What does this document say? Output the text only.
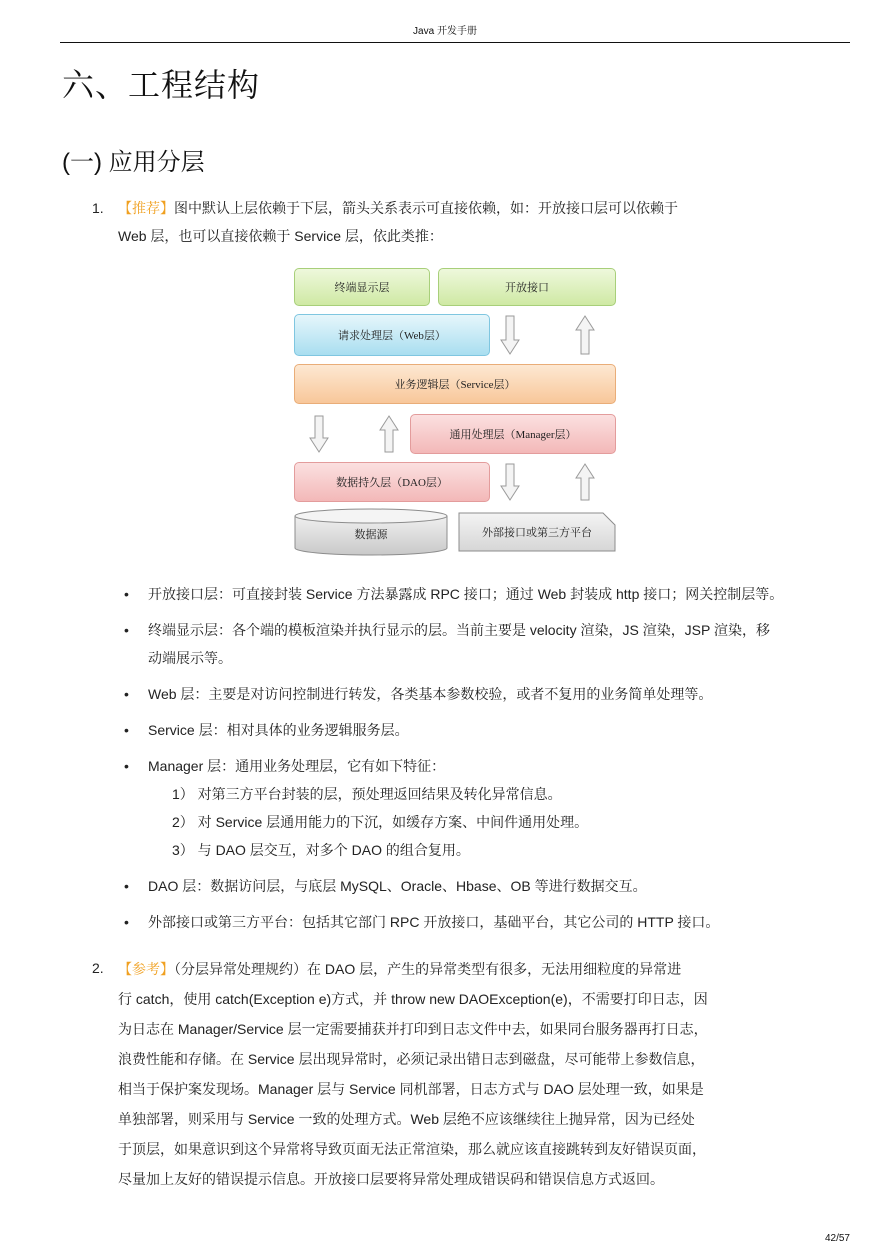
Java 开发手册
六、工程结构
(一) 应用分层
1. 【推荐】图中默认上层依赖于下层，箭头关系表示可直接依赖，如：开放接口层可以依赖于
Web 层，也可以直接依赖于 Service 层，依此类推：
终端显示层	开放接口
请求处理层（Web层）
业务逻辑层（Service层）
通用处理层（Manager层）
数据持久层（DAO层）
数据源	外部接口或第三方平台
• 开放接口层：可直接封装 Service 方法暴露成 RPC 接口；通过 Web 封装成 http 接口；网关控制层等。
• 终端显示层：各个端的模板渲染并执行显示的层。当前主要是 velocity 渲染，JS 渲染，JSP 渲染，移
动端展示等。
• Web 层：主要是对访问控制进行转发，各类基本参数校验，或者不复用的业务简单处理等。
• Service 层：相对具体的业务逻辑服务层。
• Manager 层：通用业务处理层，它有如下特征：
1） 对第三方平台封装的层，预处理返回结果及转化异常信息。
2） 对 Service 层通用能力的下沉，如缓存方案、中间件通用处理。
3） 与 DAO 层交互，对多个 DAO 的组合复用。
• DAO 层：数据访问层，与底层 MySQL、Oracle、Hbase、OB 等进行数据交互。
• 外部接口或第三方平台：包括其它部门 RPC 开放接口，基础平台，其它公司的 HTTP 接口。
2. 【参考】（分层异常处理规约）在 DAO 层，产生的异常类型有很多，无法用细粒度的异常进
行 catch，使用 catch(Exception e)方式，并 throw new DAOException(e)，不需要打印日志，因
为日志在 Manager/Service 层一定需要捕获并打印到日志文件中去，如果同台服务器再打日志，
浪费性能和存储。在 Service 层出现异常时，必须记录出错日志到磁盘，尽可能带上参数信息，
相当于保护案发现场。Manager 层与 Service 同机部署，日志方式与 DAO 层处理一致，如果是
单独部署，则采用与 Service 一致的处理方式。Web 层绝不应该继续往上抛异常，因为已经处
于顶层，如果意识到这个异常将导致页面无法正常渲染，那么就应该直接跳转到友好错误页面，
尽量加上友好的错误提示信息。开放接口层要将异常处理成错误码和错误信息方式返回。
42/57
